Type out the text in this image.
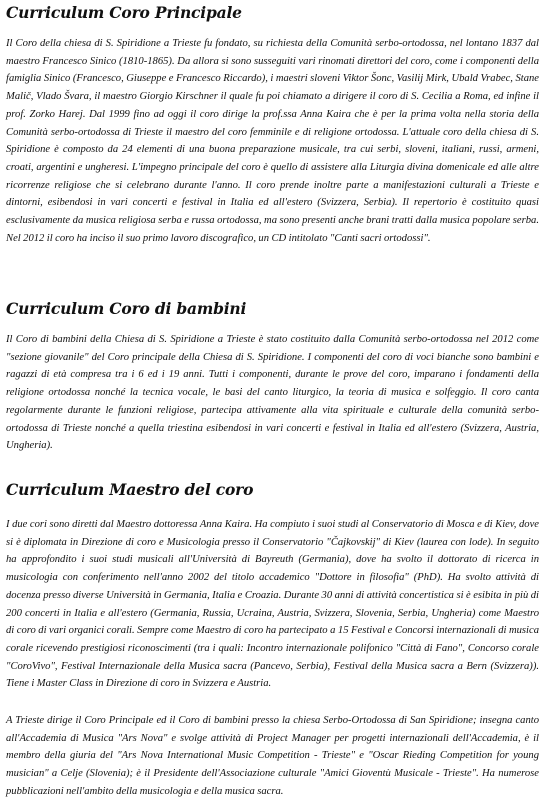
Curriculum Coro Principale

Il Coro della chiesa di S. Spiridione a Trieste fu fondato, su richiesta della Comunità serbo-ortodossa, nel lontano 1837 dal maestro Francesco Sinico (1810-1865). Da allora si sono susseguiti vari rinomati direttori del coro, come i componenti della famiglia Sinico (Francesco, Giuseppe e Francesco Riccardo), i maestri sloveni Viktor Šonc, Vasilij Mirk, Ubald Vrabec, Stane Malič, Vlado Švara, il maestro Giorgio Kirschner il quale fu poi chiamato a dirigere il coro di S. Cecilia a Roma, ed infine il prof. Zorko Harej. Dal 1999 fino ad oggi il coro dirige la prof.ssa Anna Kaira che è per la prima volta nella storia della Comunità serbo-ortodossa di Trieste il maestro del coro femminile e di religione ortodossa. L'attuale coro della chiesa di S. Spiridione è composto da 24 elementi di una buona preparazione musicale, tra cui serbi, sloveni, italiani, russi, armeni, croati, argentini e ungheresi. L'impegno principale del coro è quello di assistere alla Liturgia divina domenicale ed alle altre ricorrenze religiose che si celebrano durante l'anno. Il coro prende inoltre parte a manifestazioni culturali a Trieste e dintorni, esibendosi in vari concerti e festival in Italia ed all'estero (Svizzera, Serbia). Il repertorio è costituito quasi esclusivamente da musica religiosa serba e russa ortodossa, ma sono presenti anche brani tratti dalla musica popolare serba. Nel 2012 il coro ha inciso il suo primo lavoro discografico, un CD intitolato "Canti sacri ortodossi".

Curriculum Coro di bambini

Il Coro di bambini della Chiesa di S. Spiridione a Trieste è stato costituito dalla Comunità serbo-ortodossa nel 2012 come "sezione giovanile" del Coro principale della Chiesa di S. Spiridione. I componenti del coro di voci bianche sono bambini e ragazzi di età compresa tra i 6 ed i 19 anni. Tutti i componenti, durante le prove del coro, imparano i fondamenti della religione ortodossa nonché la tecnica vocale, le basi del canto liturgico, la teoria di musica e solfeggio. Il coro canta regolarmente durante le funzioni religiose, partecipa attivamente alla vita spirituale e culturale della comunità serbo-ortodossa di Trieste nonché a quella triestina esibendosi in vari concerti e festival in Italia ed all'estero (Svizzera, Austria, Ungheria).

Curriculum Maestro del coro

I due cori sono diretti dal Maestro dottoressa Anna Kaira. Ha compiuto i suoi studi al Conservatorio di Mosca e di Kiev, dove si è diplomata in Direzione di coro e Musicologia presso il Conservatorio "Čajkovskij" di Kiev (laurea con lode). In seguito ha approfondito i suoi studi musicali all'Università di Bayreuth (Germania), dove ha svolto il dottorato di ricerca in musicologia con conferimento nell'anno 2002 del titolo accademico "Dottore in filosofia" (PhD). Ha svolto attività di docenza presso diverse Università in Germania, Italia e Croazia. Durante 30 anni di attività concertistica si è esibita in più di 200 concerti in Italia e all'estero (Germania, Russia, Ucraina, Austria, Svizzera, Slovenia, Serbia, Ungheria) come Maestro di coro di vari organici corali. Sempre come Maestro di coro ha partecipato a 15 Festival e Concorsi internazionali di musica corale ricevendo prestigiosi riconoscimenti (tra i quali: Incontro internazionale polifonico "Città di Fano", Concorso corale "CoroVivo", Festival Internazionale della Musica sacra (Pancevo, Serbia), Festival della Musica sacra a Bern (Svizzera)). Tiene i Master Class in Direzione di coro in Svizzera e Austria.

A Trieste dirige il Coro Principale ed il Coro di bambini presso la chiesa Serbo-Ortodossa di San Spiridione; insegna canto all'Accademia di Musica "Ars Nova" e svolge attività di Project Manager per progetti internazionali dell'Accademia, è il membro della giuria del "Ars Nova International Music Competition - Trieste" e "Oscar Rieding Competition for young musician" a Celje (Slovenia); è il Presidente dell'Associazione culturale "Amici Gioventù Musicale - Trieste". Ha numerose pubblicazioni nell'ambito della musicologia e della musica sacra.
